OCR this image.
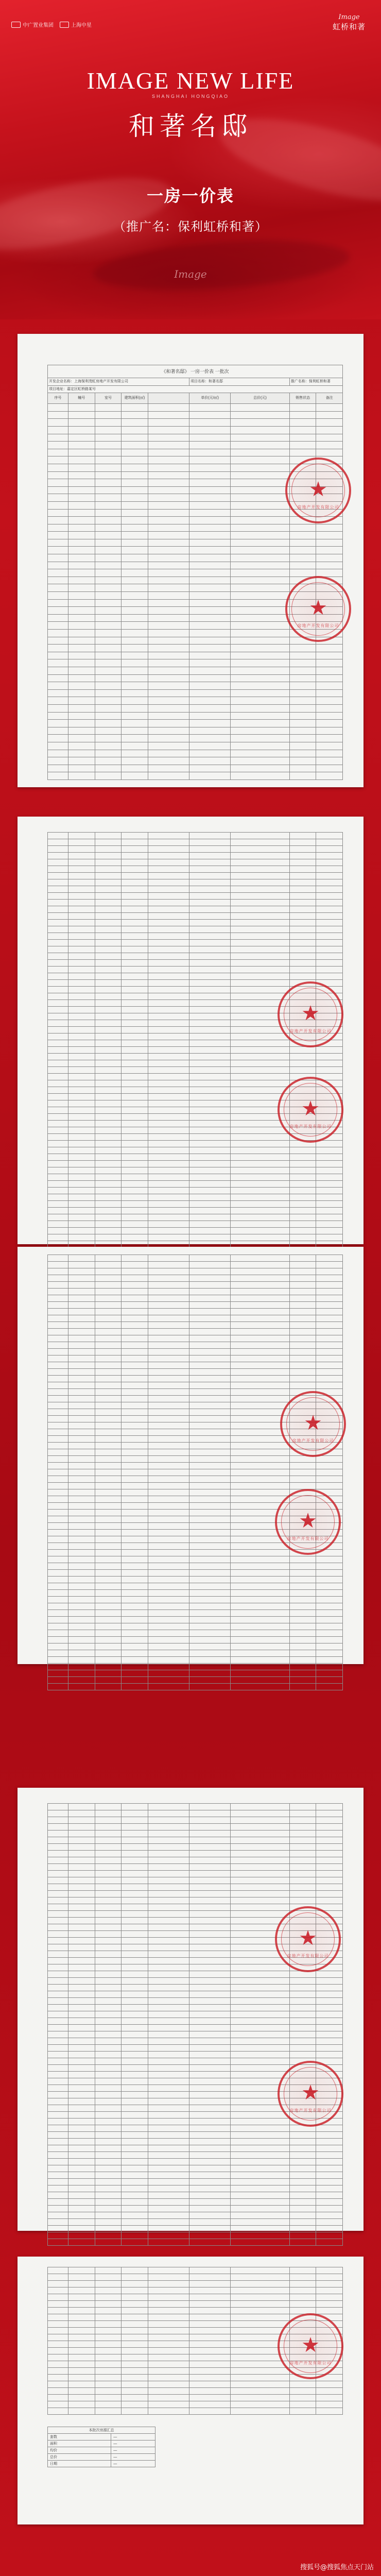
中广置业集团	上海中星
Image
虹桥和著
IMAGE NEW LIFE
SHANGHAI HONGQIAO
和著名邸
一房一价表
（推广名：保利虹桥和著）
Image
《和著名邸》 一房一价表 一批次
开发企业名称：上海保利茂虹房地产开发有限公司					项目名称：和著名邸		推广名称：保利虹桥和著	
项目地址：嘉定区虹桥路某号								
序号	幢号	室号	建筑面积(㎡)		单价(元/㎡)	总价(元)	销售状态	备注

★
房地产开发有限公司
★
房地产开发有限公司

★
房地产开发有限公司
★
房地产开发有限公司

★
房地产开发有限公司
★
房地产开发有限公司

★
房地产开发有限公司
★
房地产开发有限公司

★
房地产开发有限公司
本批次房源汇总	
套数	—
面积	—
均价	—
总价	—
日期	—
搜狐号@搜狐焦点天门站
